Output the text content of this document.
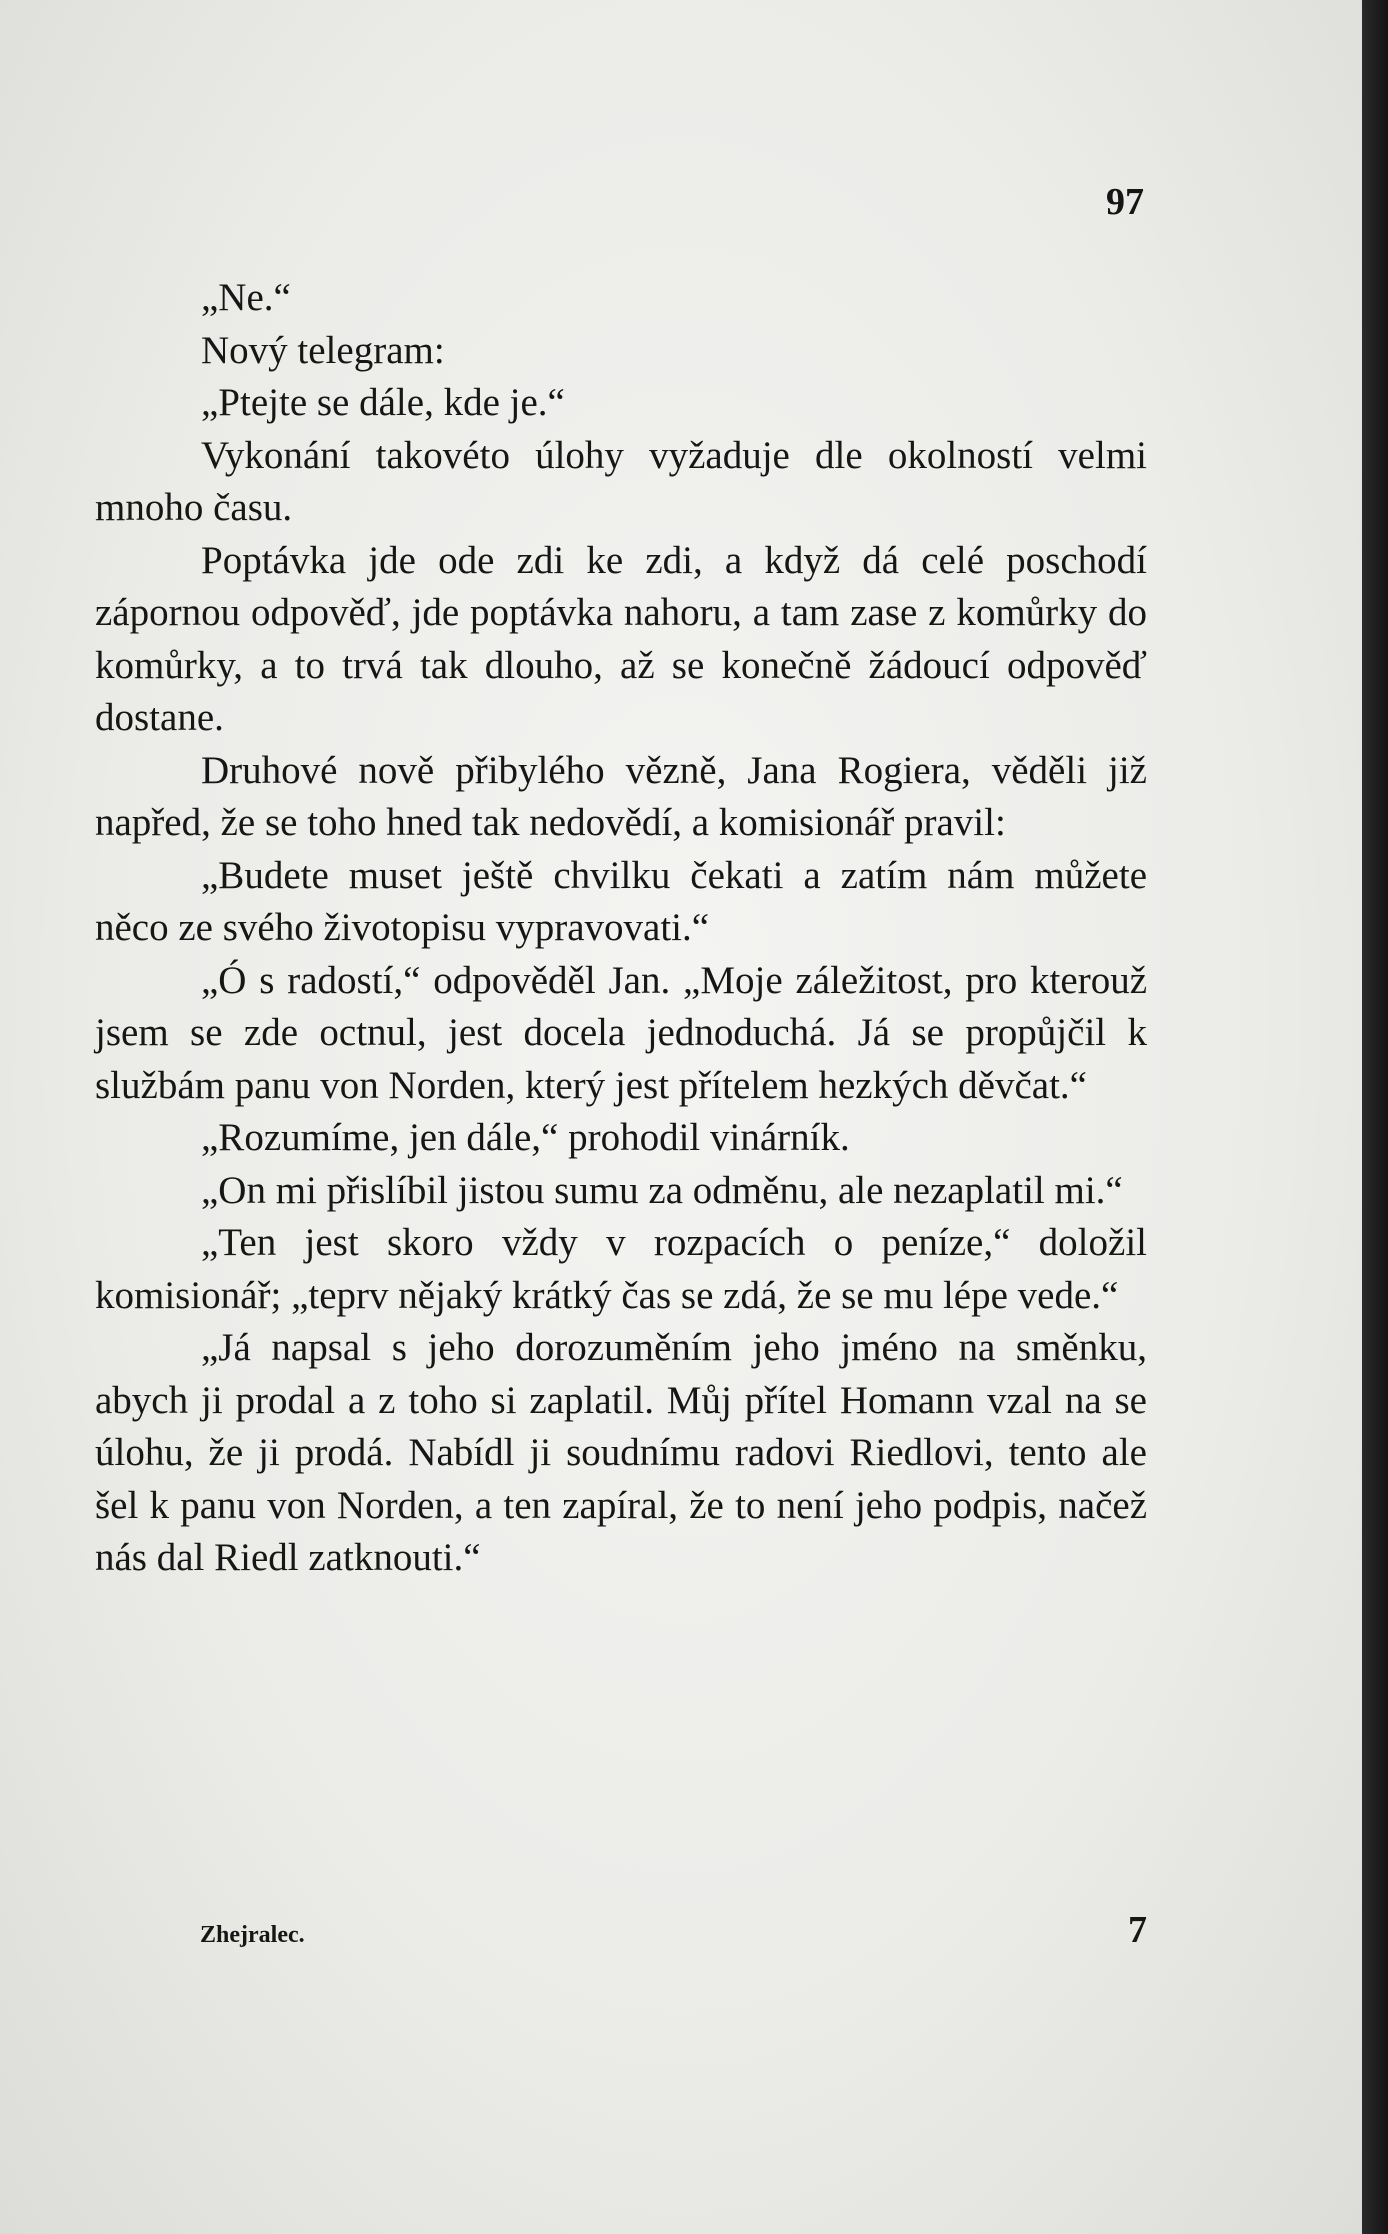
97

„Ne.“

Nový telegram:

„Ptejte se dále, kde je.“

Vykonání takovéto úlohy vyžaduje dle okolností velmi mnoho času.

Poptávka jde ode zdi ke zdi, a když dá celé poschodí zápornou odpověď, jde poptávka nahoru, a tam zase z komůrky do komůrky, a to trvá tak dlouho, až se konečně žádoucí odpověď dostane.

Druhové nově přibylého vězně, Jana Rogiera, věděli již napřed, že se toho hned tak nedovědí, a komisionář pravil:

„Budete muset ještě chvilku čekati a zatím nám můžete něco ze svého životopisu vypravovati.“

„Ó s radostí,“ odpověděl Jan. „Moje záležitost, pro kterouž jsem se zde octnul, jest docela jednoduchá. Já se propůjčil k službám panu von Norden, který jest přítelem hezkých děvčat.“

„Rozumíme, jen dále,“ prohodil vinárník.

„On mi přislíbil jistou sumu za odměnu, ale nezaplatil mi.“

„Ten jest skoro vždy v rozpacích o peníze,“ doložil komisionář; „teprv nějaký krátký čas se zdá, že se mu lépe vede.“

„Já napsal s jeho dorozuměním jeho jméno na směnku, abych ji prodal a z toho si zaplatil. Můj přítel Homann vzal na se úlohu, že ji prodá. Nabídl ji soudnímu radovi Riedlovi, tento ale šel k panu von Norden, a ten zapíral, že to není jeho podpis, načež nás dal Riedl zatknouti.“

Zhejralec.	7
